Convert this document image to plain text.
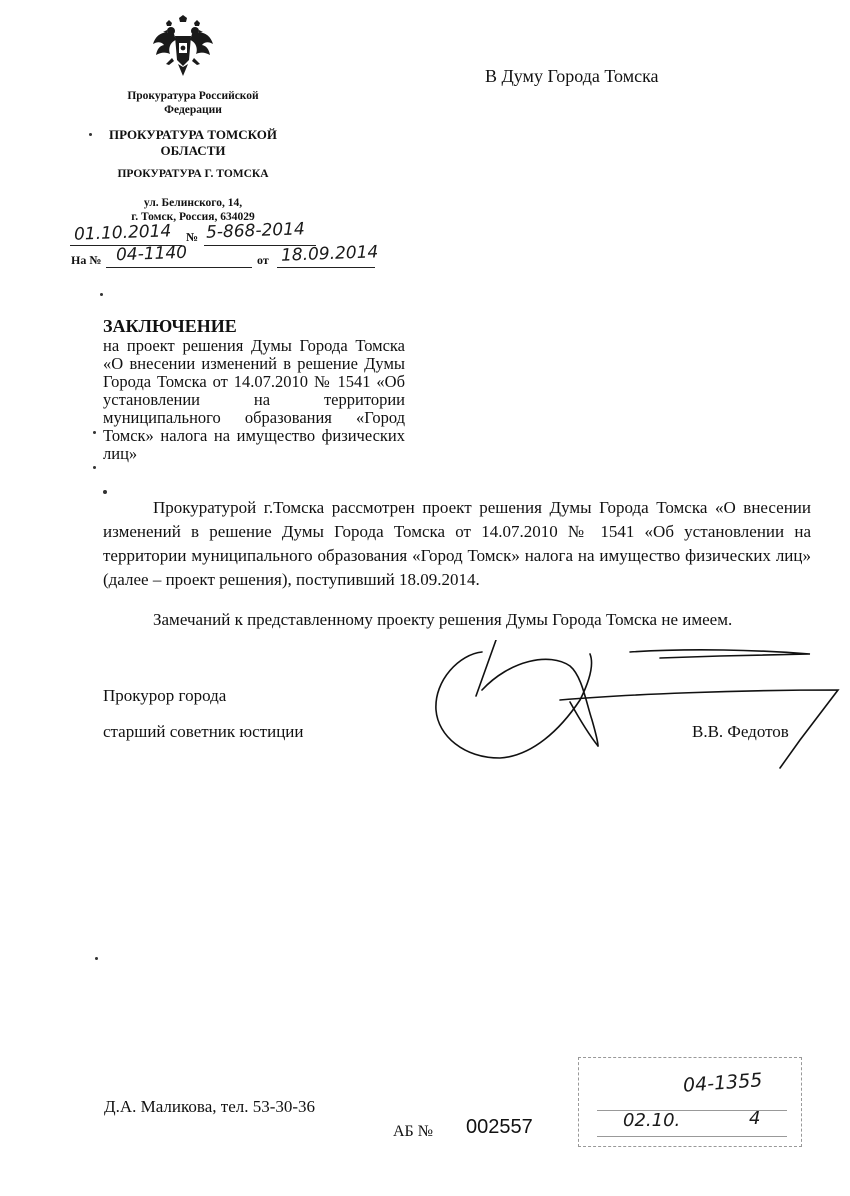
Прокуратура Российской Федерации
ПРОКУРАТУРА ТОМСКОЙ ОБЛАСТИ
ПРОКУРАТУРА Г. ТОМСКА
ул. Белинского, 14,
г. Томск, Россия, 634029
№
01.10.2014 5-868-2014
На № 04-1140	от 18.09.2014
В Думу Города Томска
ЗАКЛЮЧЕНИЕ
на проект решения Думы Города Томска «О внесении изменений в решение Думы Города Томска от 14.07.2010 № 1541 «Об установлении на территории муниципального образования «Город Томск» налога на имущество физических лиц»
Прокуратурой г.Томска рассмотрен проект решения Думы Города Томска «О внесении изменений в решение Думы Города Томска от 14.07.2010 № 1541 «Об установлении на территории муниципального образования «Город Томск» налога на имущество физических лиц» (далее – проект решения), поступивший 18.09.2014.
Замечаний к представленному проекту решения Думы Города Томска не имеем.
Прокурор города
старший советник юстиции	В.В. Федотов
Д.А. Маликова, тел. 53-30-36
АБ № 002557
04-1355
02.10.	4
